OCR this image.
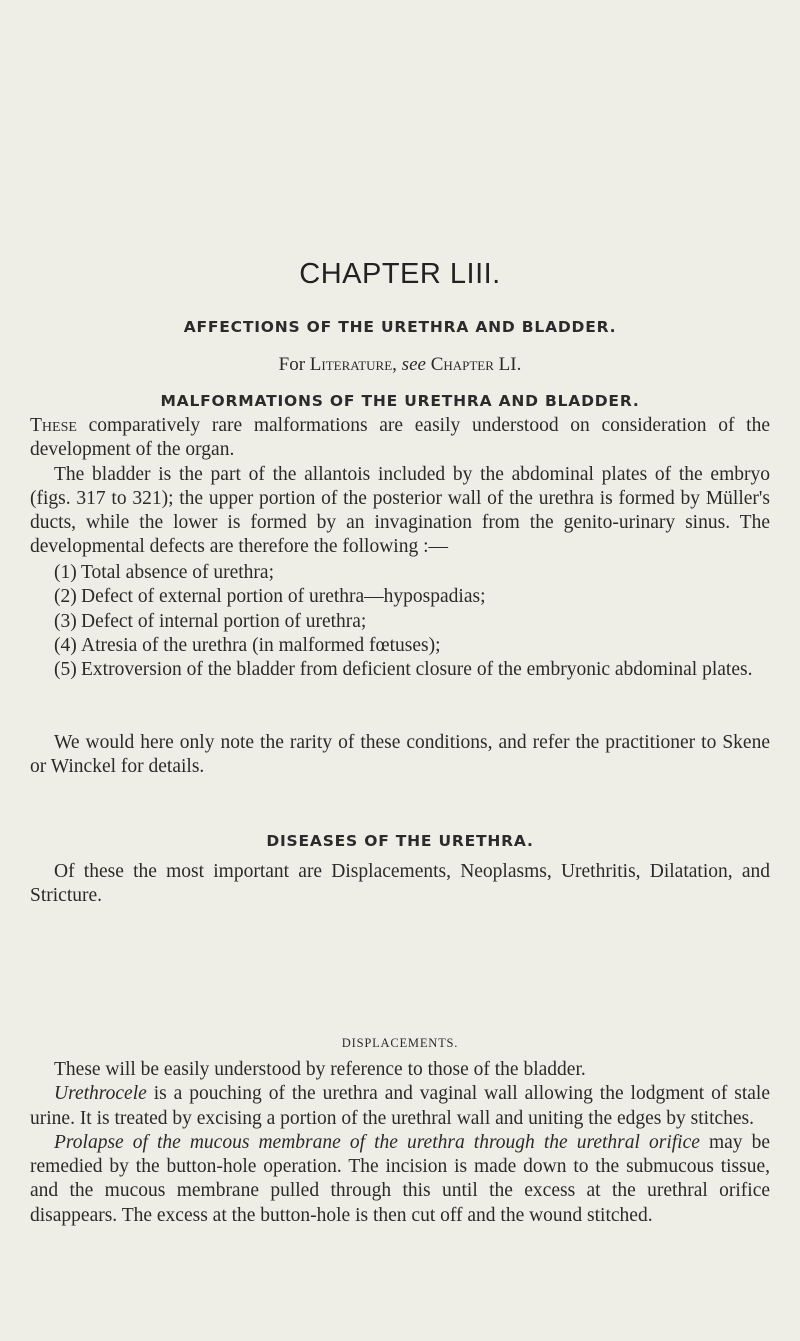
CHAPTER LIII.
AFFECTIONS OF THE URETHRA AND BLADDER.
For Literature, see Chapter LI.
MALFORMATIONS OF THE URETHRA AND BLADDER.

These comparatively rare malformations are easily understood on consideration of the development of the organ.

The bladder is the part of the allantois included by the abdominal plates of the embryo (figs. 317 to 321); the upper portion of the posterior wall of the urethra is formed by Müller's ducts, while the lower is formed by an invagination from the genito-urinary sinus. The developmental defects are therefore the following :—

(1) Total absence of urethra;
(2) Defect of external portion of urethra—hypospadias;
(3) Defect of internal portion of urethra;
(4) Atresia of the urethra (in malformed fœtuses);
(5) Extroversion of the bladder from deficient closure of the embryonic abdominal plates.

We would here only note the rarity of these conditions, and refer the practitioner to Skene or Winckel for details.

DISEASES OF THE URETHRA.

Of these the most important are Displacements, Neoplasms, Urethritis, Dilatation, and Stricture.

DISPLACEMENTS.

These will be easily understood by reference to those of the bladder.

Urethrocele is a pouching of the urethra and vaginal wall allowing the lodgment of stale urine. It is treated by excising a portion of the urethral wall and uniting the edges by stitches.

Prolapse of the mucous membrane of the urethra through the urethral orifice may be remedied by the button-hole operation. The incision is made down to the submucous tissue, and the mucous membrane pulled through this until the excess at the urethral orifice disappears. The excess at the button-hole is then cut off and the wound stitched.
